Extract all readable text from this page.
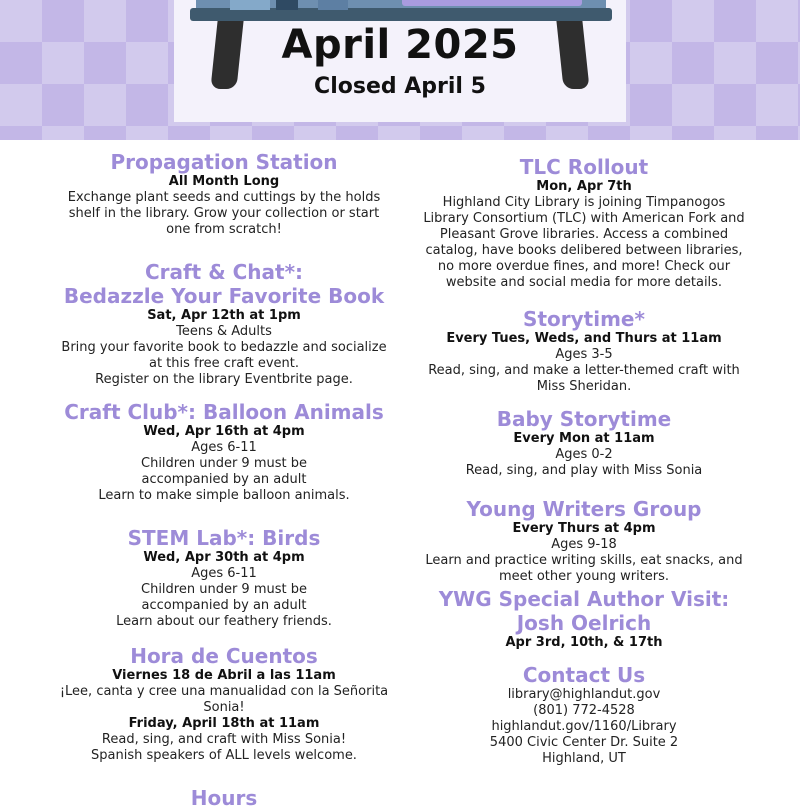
April 2025
Closed April 5
Propagation Station
All Month Long
Exchange plant seeds and cuttings by the holds
shelf in the library. Grow your collection or start
one from scratch!
Craft & Chat*:
Bedazzle Your Favorite Book
Sat, Apr 12th at 1pm
Teens & Adults
Bring your favorite book to bedazzle and socialize
at this free craft event.
Register on the library Eventbrite page.
Craft Club*: Balloon Animals
Wed, Apr 16th at 4pm
Ages 6-11
Children under 9 must be
accompanied by an adult
Learn to make simple balloon animals.
STEM Lab*: Birds
Wed, Apr 30th at 4pm
Ages 6-11
Children under 9 must be
accompanied by an adult
Learn about our feathery friends.
Hora de Cuentos
Viernes 18 de Abril a las 11am
¡Lee, canta y cree una manualidad con la Señorita
Sonia!
Friday, April 18th at 11am
Read, sing, and craft with Miss Sonia!
Spanish speakers of ALL levels welcome.
Hours
TLC Rollout
Mon, Apr 7th
Highland City Library is joining Timpanogos
Library Consortium (TLC) with American Fork and
Pleasant Grove libraries. Access a combined
catalog, have books delibered between libraries,
no more overdue fines, and more! Check our
website and social media for more details.
Storytime*
Every Tues, Weds, and Thurs at 11am
Ages 3-5
Read, sing, and make a letter-themed craft with
Miss Sheridan.
Baby Storytime
Every Mon at 11am
Ages 0-2
Read, sing, and play with Miss Sonia
Young Writers Group
Every Thurs at 4pm
Ages 9-18
Learn and practice writing skills, eat snacks, and
meet other young writers.
YWG Special Author Visit:
Josh Oelrich
Apr 3rd, 10th, & 17th
Contact Us
library@highlandut.gov
(801) 772-4528
highlandut.gov/1160/Library
5400 Civic Center Dr. Suite 2
Highland, UT
